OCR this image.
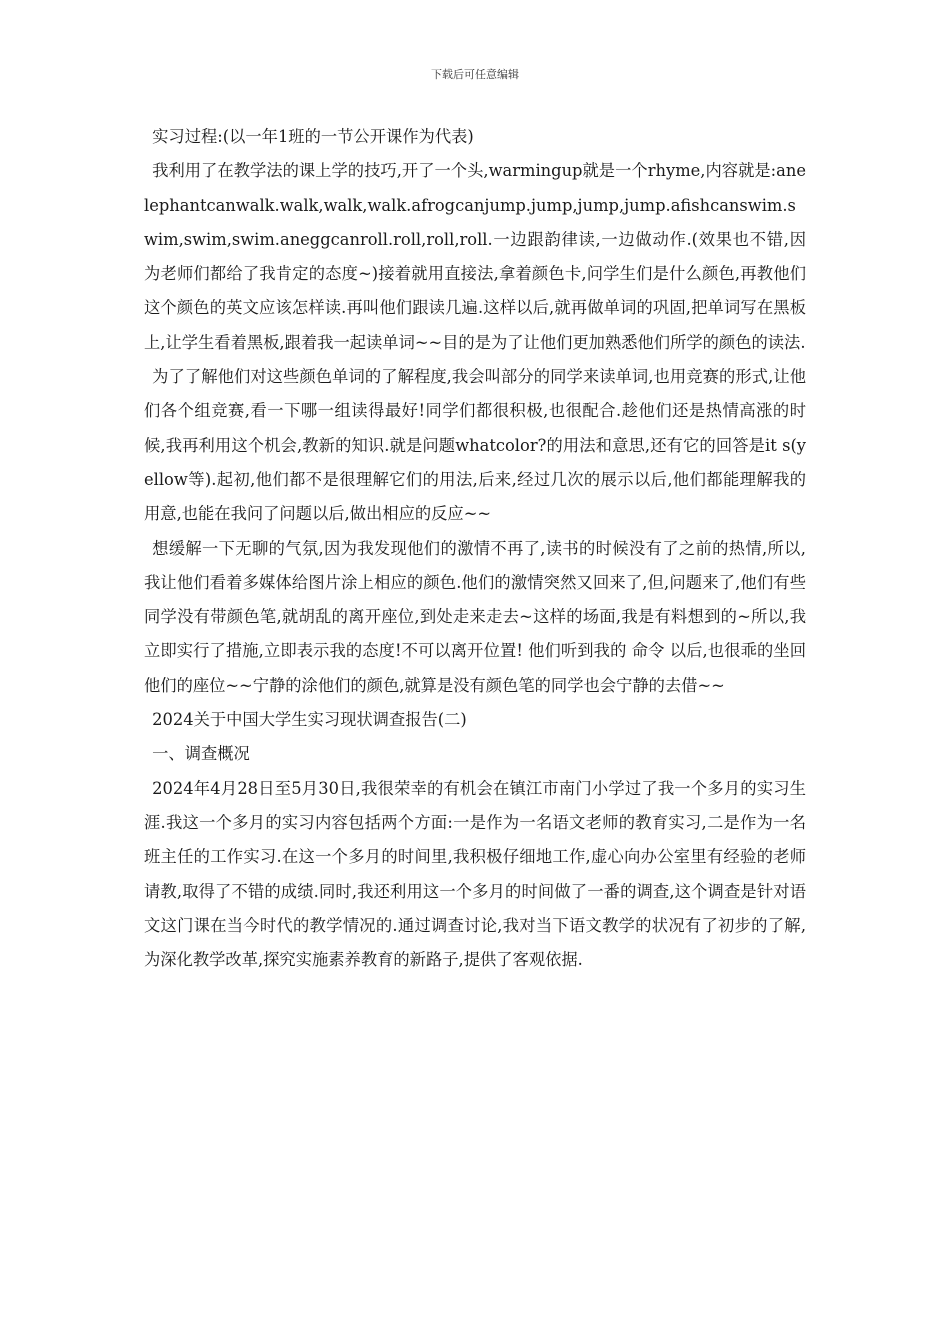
下载后可任意编辑

实习过程:(以一年1班的一节公开课作为代表)

我利用了在教学法的课上学的技巧,开了一个头,warmingup就是一个rhyme,内容就是:anelephantcanwalk.walk,walk,walk.afrogcanjump.jump,jump,jump.afishcanswim.swim,swim,swim.aneggcanroll.roll,roll,roll.一边跟韵律读,一边做动作.(效果也不错,因为老师们都给了我肯定的态度~)接着就用直接法,拿着颜色卡,问学生们是什么颜色,再教他们这个颜色的英文应该怎样读.再叫他们跟读几遍.这样以后,就再做单词的巩固,把单词写在黑板上,让学生看着黑板,跟着我一起读单词~~目的是为了让他们更加熟悉他们所学的颜色的读法.

为了了解他们对这些颜色单词的了解程度,我会叫部分的同学来读单词,也用竞赛的形式,让他们各个组竞赛,看一下哪一组读得最好!同学们都很积极,也很配合.趁他们还是热情高涨的时候,我再利用这个机会,教新的知识.就是问题whatcolor?的用法和意思,还有它的回答是it s(yellow等).起初,他们都不是很理解它们的用法,后来,经过几次的展示以后,他们都能理解我的用意,也能在我问了问题以后,做出相应的反应~~

想缓解一下无聊的气氛,因为我发现他们的激情不再了,读书的时候没有了之前的热情,所以,我让他们看着多媒体给图片涂上相应的颜色.他们的激情突然又回来了,但,问题来了,他们有些同学没有带颜色笔,就胡乱的离开座位,到处走来走去~这样的场面,我是有料想到的~所以,我立即实行了措施,立即表示我的态度!不可以离开位置! 他们听到我的 命令 以后,也很乖的坐回他们的座位~~宁静的涂他们的颜色,就算是没有颜色笔的同学也会宁静的去借~~

2024关于中国大学生实习现状调查报告(二)

一、调查概况

2024年4月28日至5月30日,我很荣幸的有机会在镇江市南门小学过了我一个多月的实习生涯.我这一个多月的实习内容包括两个方面:一是作为一名语文老师的教育实习,二是作为一名班主任的工作实习.在这一个多月的时间里,我积极仔细地工作,虚心向办公室里有经验的老师请教,取得了不错的成绩.同时,我还利用这一个多月的时间做了一番的调查,这个调查是针对语文这门课在当今时代的教学情况的.通过调查讨论,我对当下语文教学的状况有了初步的了解,为深化教学改革,探究实施素养教育的新路子,提供了客观依据.
